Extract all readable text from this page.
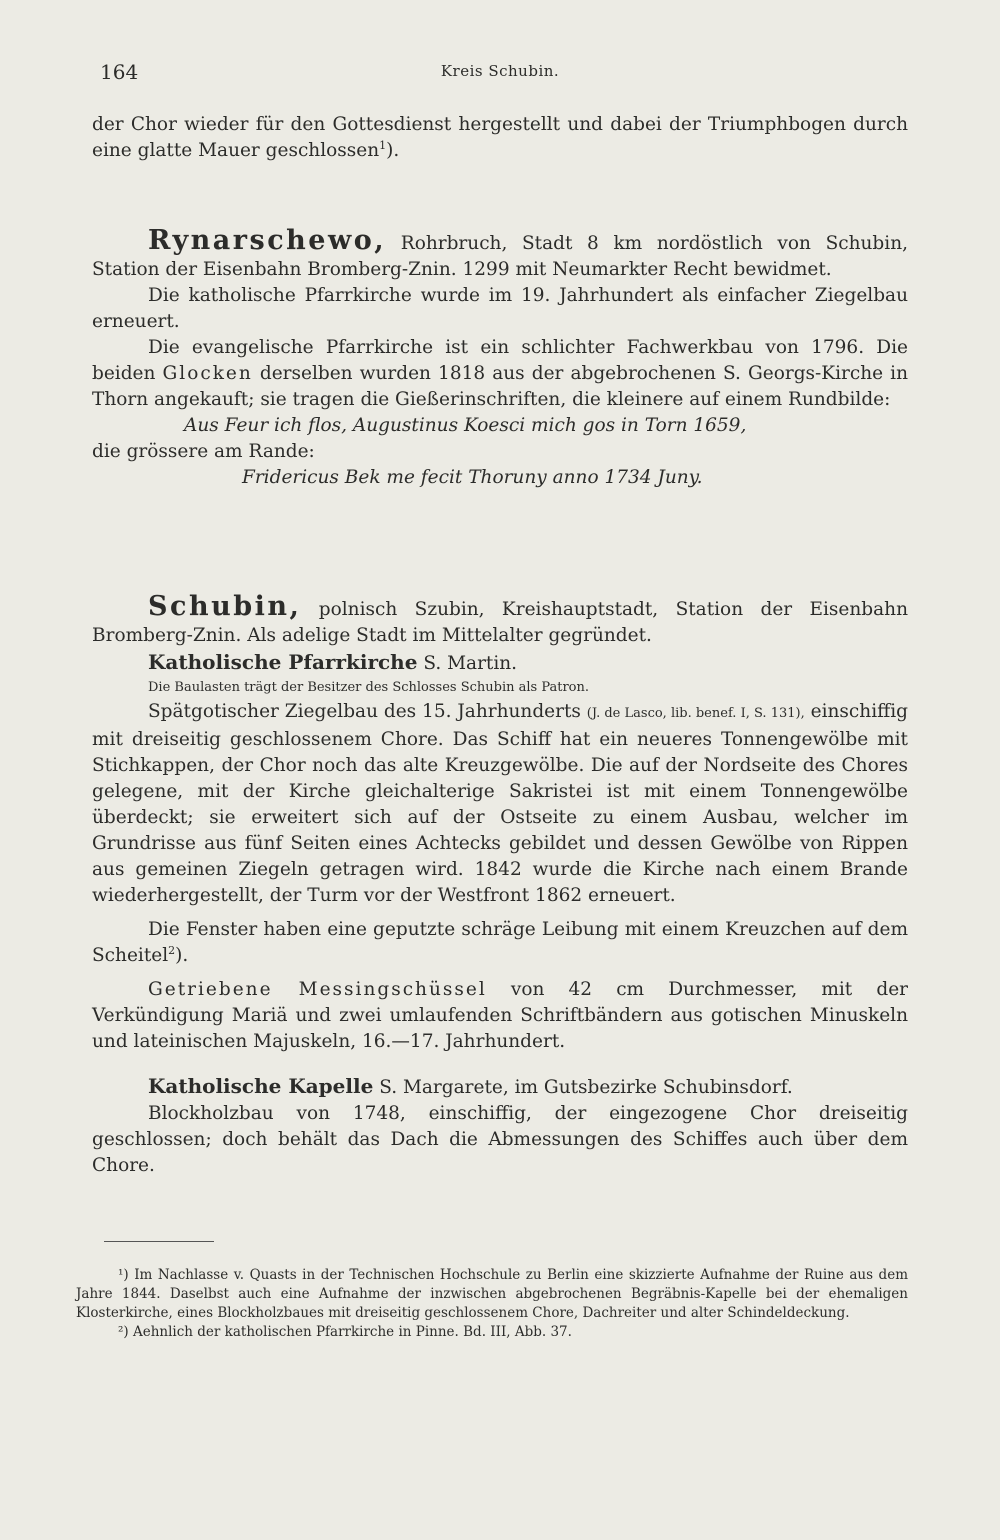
164	Kreis Schubin.

der Chor wieder für den Gottesdienst hergestellt und dabei der Triumphbogen durch eine glatte Mauer geschlossen$^1$).

Rynarschewo, Rohrbruch, Stadt 8 km nordöstlich von Schubin, Station der Eisenbahn Bromberg-Znin. 1299 mit Neumarkter Recht bewidmet.

Die katholische Pfarrkirche wurde im 19. Jahrhundert als einfacher Ziegelbau erneuert.

Die evangelische Pfarrkirche ist ein schlichter Fachwerkbau von 1796. Die beiden Glocken derselben wurden 1818 aus der abgebrochenen S. Georgs-Kirche in Thorn angekauft; sie tragen die Gießerinschriften, die kleinere auf einem Rundbilde:

Aus Feur ich flos, Augustinus Koesci mich gos in Torn 1659,

die grössere am Rande:

Fridericus Bek me fecit Thoruny anno 1734 Juny.

Schubin, polnisch Szubin, Kreishauptstadt, Station der Eisenbahn Bromberg-Znin. Als adelige Stadt im Mittelalter gegründet.

Katholische Pfarrkirche S. Martin.

Die Baulasten trägt der Besitzer des Schlosses Schubin als Patron.

Spätgotischer Ziegelbau des 15. Jahrhunderts (J. de Lasco, lib. benef. I, S. 131), einschiffig mit dreiseitig geschlossenem Chore. Das Schiff hat ein neueres Tonnengewölbe mit Stichkappen, der Chor noch das alte Kreuzgewölbe. Die auf der Nordseite des Chores gelegene, mit der Kirche gleichalterige Sakristei ist mit einem Tonnengewölbe überdeckt; sie erweitert sich auf der Ostseite zu einem Ausbau, welcher im Grundrisse aus fünf Seiten eines Achtecks gebildet und dessen Gewölbe von Rippen aus gemeinen Ziegeln getragen wird. 1842 wurde die Kirche nach einem Brande wiederhergestellt, der Turm vor der Westfront 1862 erneuert.

Die Fenster haben eine geputzte schräge Leibung mit einem Kreuzchen auf dem Scheitel$^2$).

Getriebene Messingschüssel von 42 cm Durchmesser, mit der Verkündigung Mariä und zwei umlaufenden Schriftbändern aus gotischen Minuskeln und lateinischen Majuskeln, 16.—17. Jahrhundert.

Katholische Kapelle S. Margarete, im Gutsbezirke Schubinsdorf.

Blockholzbau von 1748, einschiffig, der eingezogene Chor dreiseitig geschlossen; doch behält das Dach die Abmessungen des Schiffes auch über dem Chore.

¹) Im Nachlasse v. Quasts in der Technischen Hochschule zu Berlin eine skizzierte Aufnahme der Ruine aus dem Jahre 1844. Daselbst auch eine Aufnahme der inzwischen abgebrochenen Begräbnis-Kapelle bei der ehemaligen Klosterkirche, eines Blockholzbaues mit dreiseitig geschlossenem Chore, Dachreiter und alter Schindeldeckung.

²) Aehnlich der katholischen Pfarrkirche in Pinne. Bd. III, Abb. 37.
